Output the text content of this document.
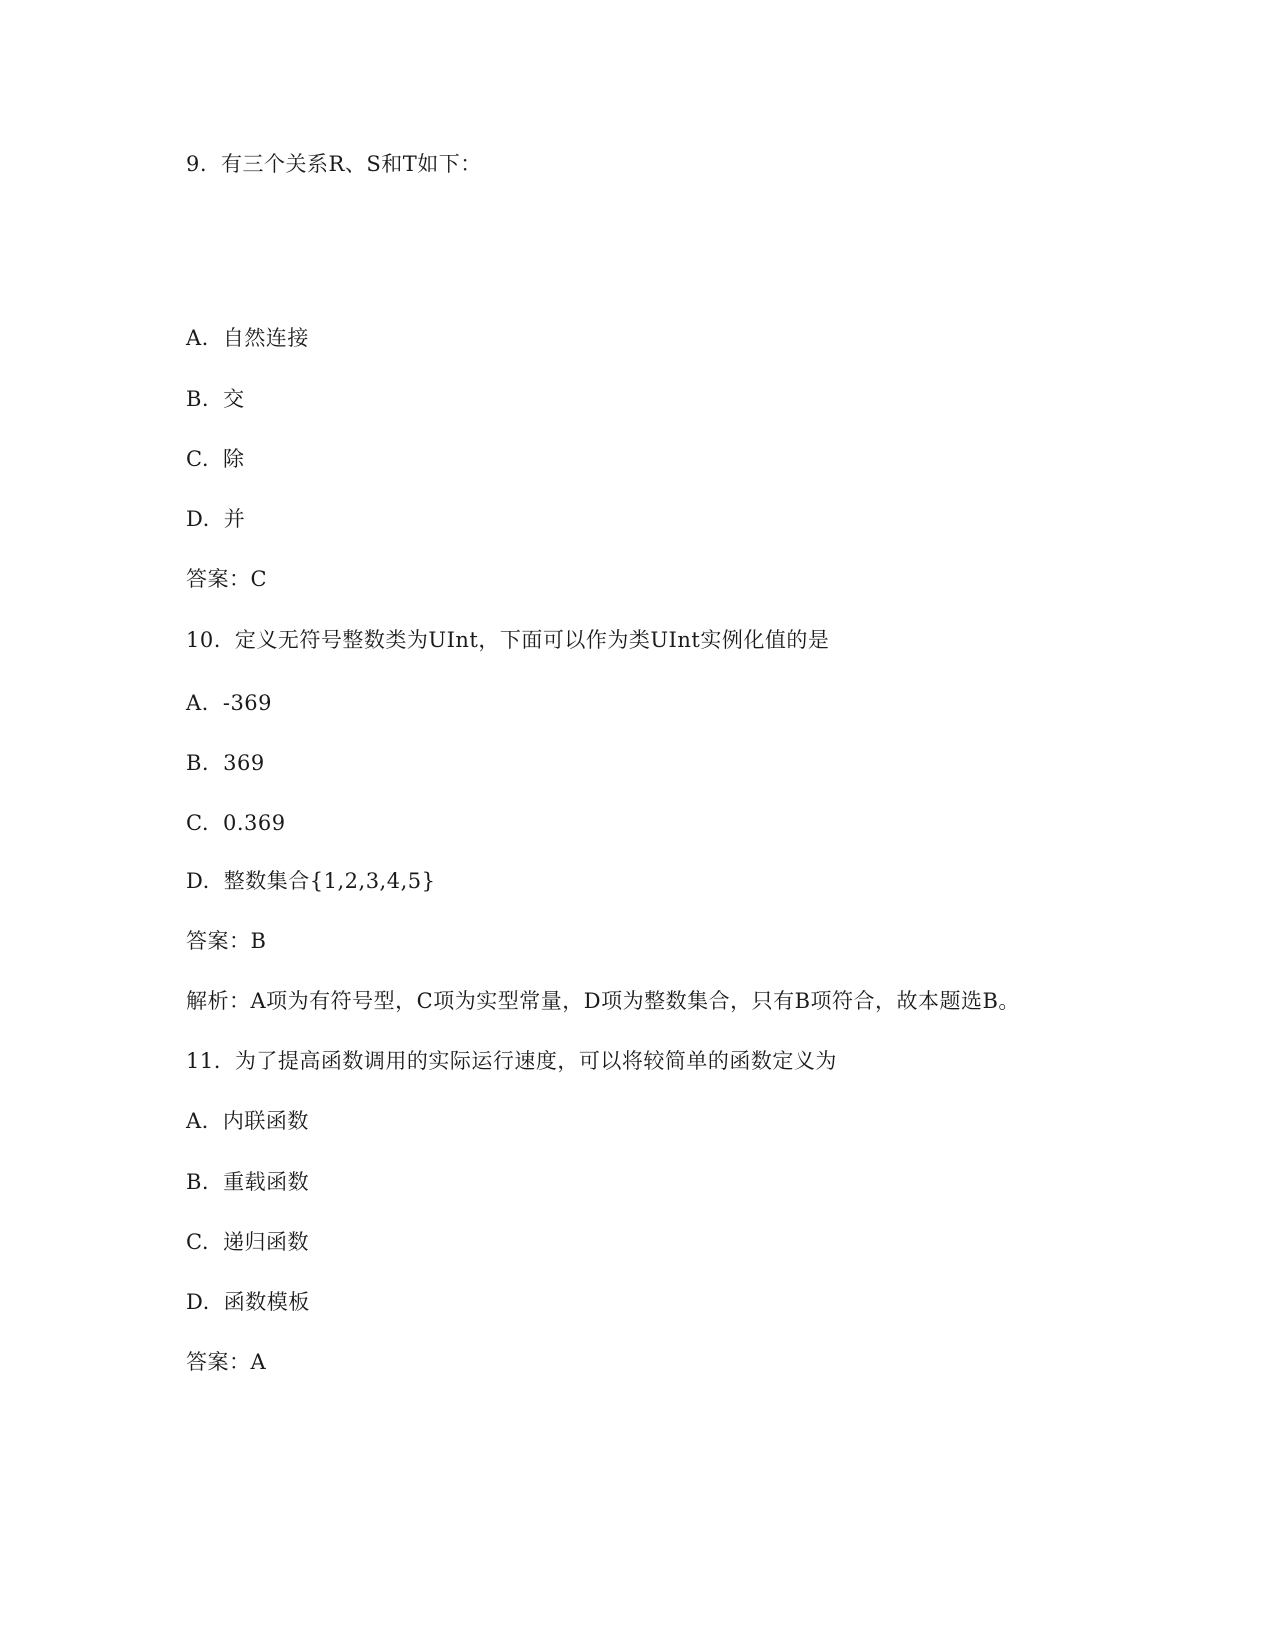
9. 有三个关系R、S和T如下：
A. 自然连接
B. 交
C. 除
D. 并
答案：C
10. 定义无符号整数类为UInt，下面可以作为类UInt实例化值的是
A. -369
B. 369
C. 0.369
D. 整数集合{1,2,3,4,5}
答案：B
解析：A项为有符号型，C项为实型常量，D项为整数集合，只有B项符合，故本题选B。
11. 为了提高函数调用的实际运行速度，可以将较简单的函数定义为
A. 内联函数
B. 重载函数
C. 递归函数
D. 函数模板
答案：A
